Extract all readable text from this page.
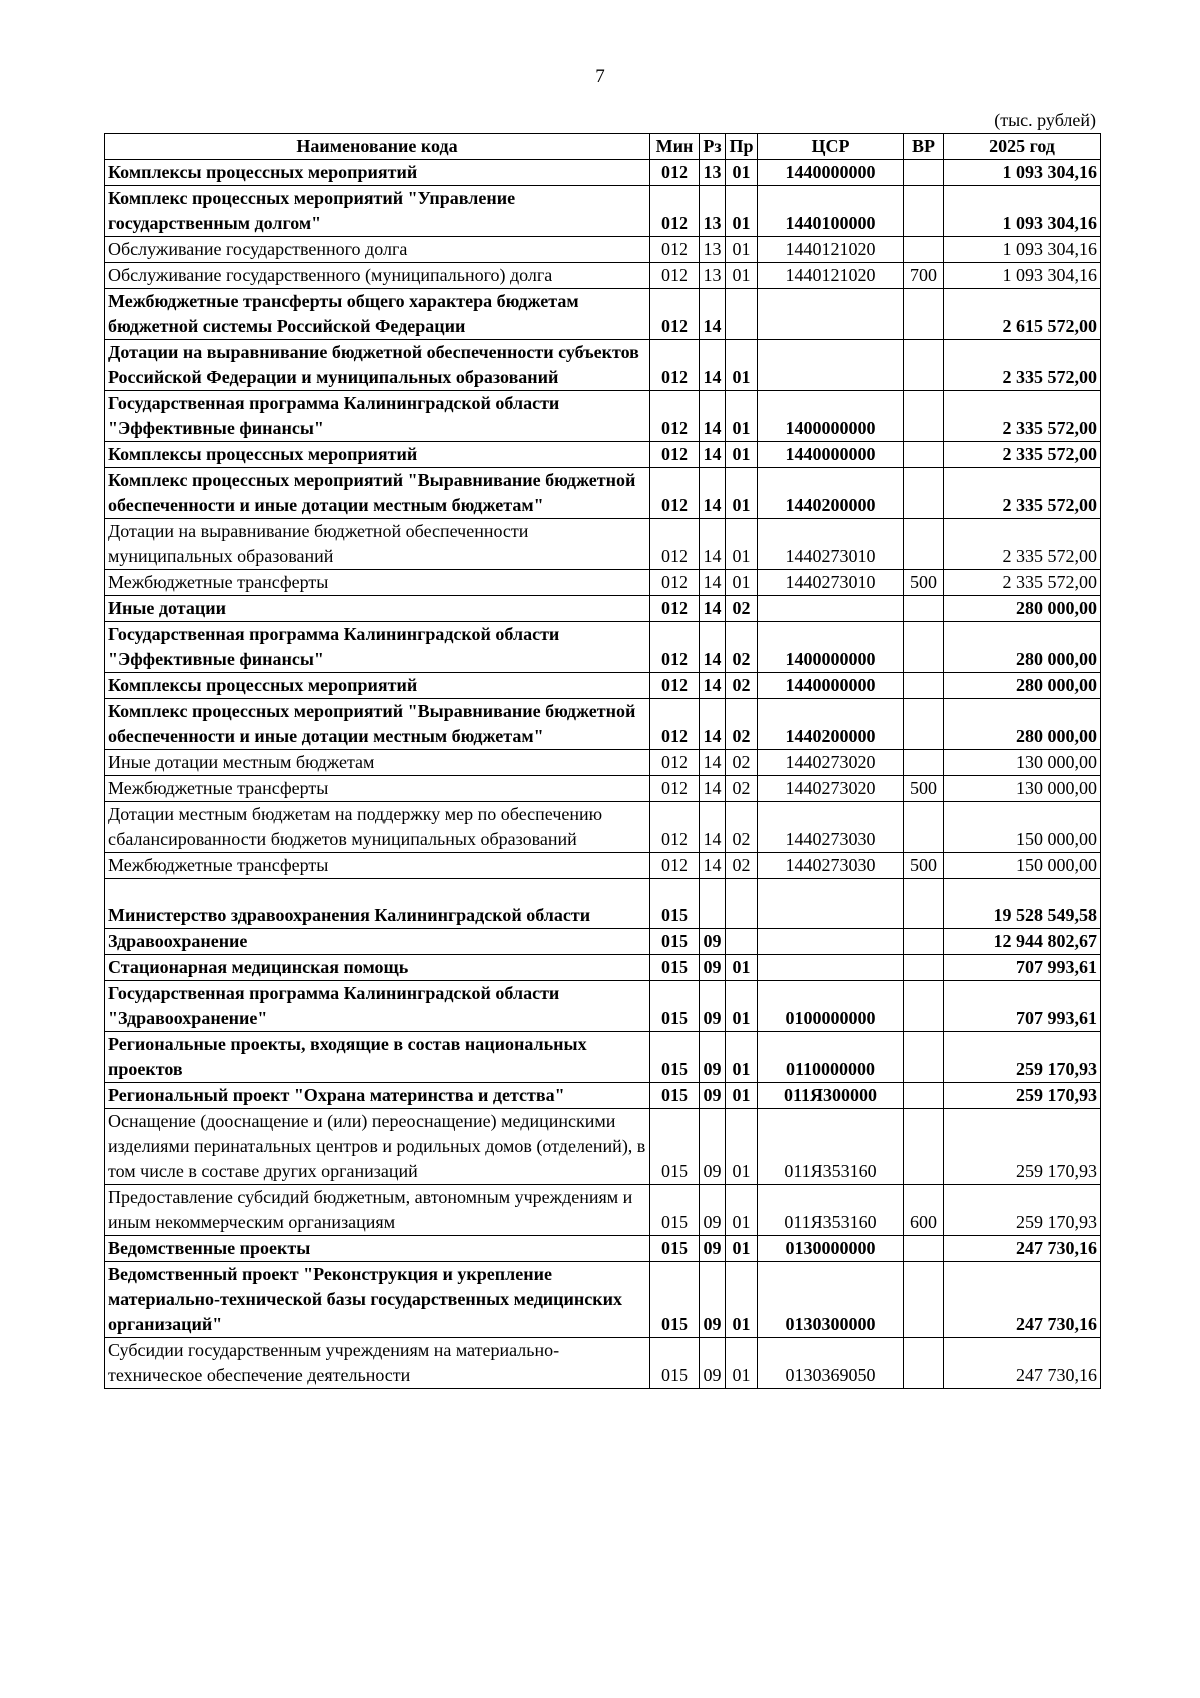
7
(тыс. рублей)
Наименование кода	Мин	Рз	Пр	ЦСР	ВР	2025 год
Комплексы процессных мероприятий	012	13	01	1440000000		1 093 304,16
Комплекс процессных мероприятий "Управление государственным долгом"	012	13	01	1440100000		1 093 304,16
Обслуживание государственного долга	012	13	01	1440121020		1 093 304,16
Обслуживание государственного (муниципального) долга	012	13	01	1440121020	700	1 093 304,16
Межбюджетные трансферты общего характера бюджетам бюджетной системы Российской Федерации	012	14				2 615 572,00
Дотации на выравнивание бюджетной обеспеченности субъектов Российской Федерации и муниципальных образований	012	14	01			2 335 572,00
Государственная программа Калининградской области "Эффективные финансы"	012	14	01	1400000000		2 335 572,00
Комплексы процессных мероприятий	012	14	01	1440000000		2 335 572,00
Комплекс процессных мероприятий "Выравнивание бюджетной обеспеченности и иные дотации местным бюджетам"	012	14	01	1440200000		2 335 572,00
Дотации на выравнивание бюджетной обеспеченности муниципальных образований	012	14	01	1440273010		2 335 572,00
Межбюджетные трансферты	012	14	01	1440273010	500	2 335 572,00
Иные дотации	012	14	02			280 000,00
Государственная программа Калининградской области "Эффективные финансы"	012	14	02	1400000000		280 000,00
Комплексы процессных мероприятий	012	14	02	1440000000		280 000,00
Комплекс процессных мероприятий "Выравнивание бюджетной обеспеченности и иные дотации местным бюджетам"	012	14	02	1440200000		280 000,00
Иные дотации местным бюджетам	012	14	02	1440273020		130 000,00
Межбюджетные трансферты	012	14	02	1440273020	500	130 000,00
Дотации местным бюджетам на поддержку мер по обеспечению сбалансированности бюджетов муниципальных образований	012	14	02	1440273030		150 000,00
Межбюджетные трансферты	012	14	02	1440273030	500	150 000,00
Министерство здравоохранения Калининградской области	015					19 528 549,58
Здравоохранение	015	09				12 944 802,67
Стационарная медицинская помощь	015	09	01			707 993,61
Государственная программа Калининградской области "Здравоохранение"	015	09	01	0100000000		707 993,61
Региональные проекты, входящие в состав национальных проектов	015	09	01	0110000000		259 170,93
Региональный проект "Охрана материнства и детства"	015	09	01	011Я300000		259 170,93
Оснащение (дооснащение и (или) переоснащение) медицинскими изделиями перинатальных центров и родильных домов (отделений), в том числе в составе других организаций	015	09	01	011Я353160		259 170,93
Предоставление субсидий бюджетным, автономным учреждениям и иным некоммерческим организациям	015	09	01	011Я353160	600	259 170,93
Ведомственные проекты	015	09	01	0130000000		247 730,16
Ведомственный проект "Реконструкция и укрепление материально-технической базы государственных медицинских организаций"	015	09	01	0130300000		247 730,16
Субсидии государственным учреждениям на материально-техническое обеспечение деятельности	015	09	01	0130369050		247 730,16
